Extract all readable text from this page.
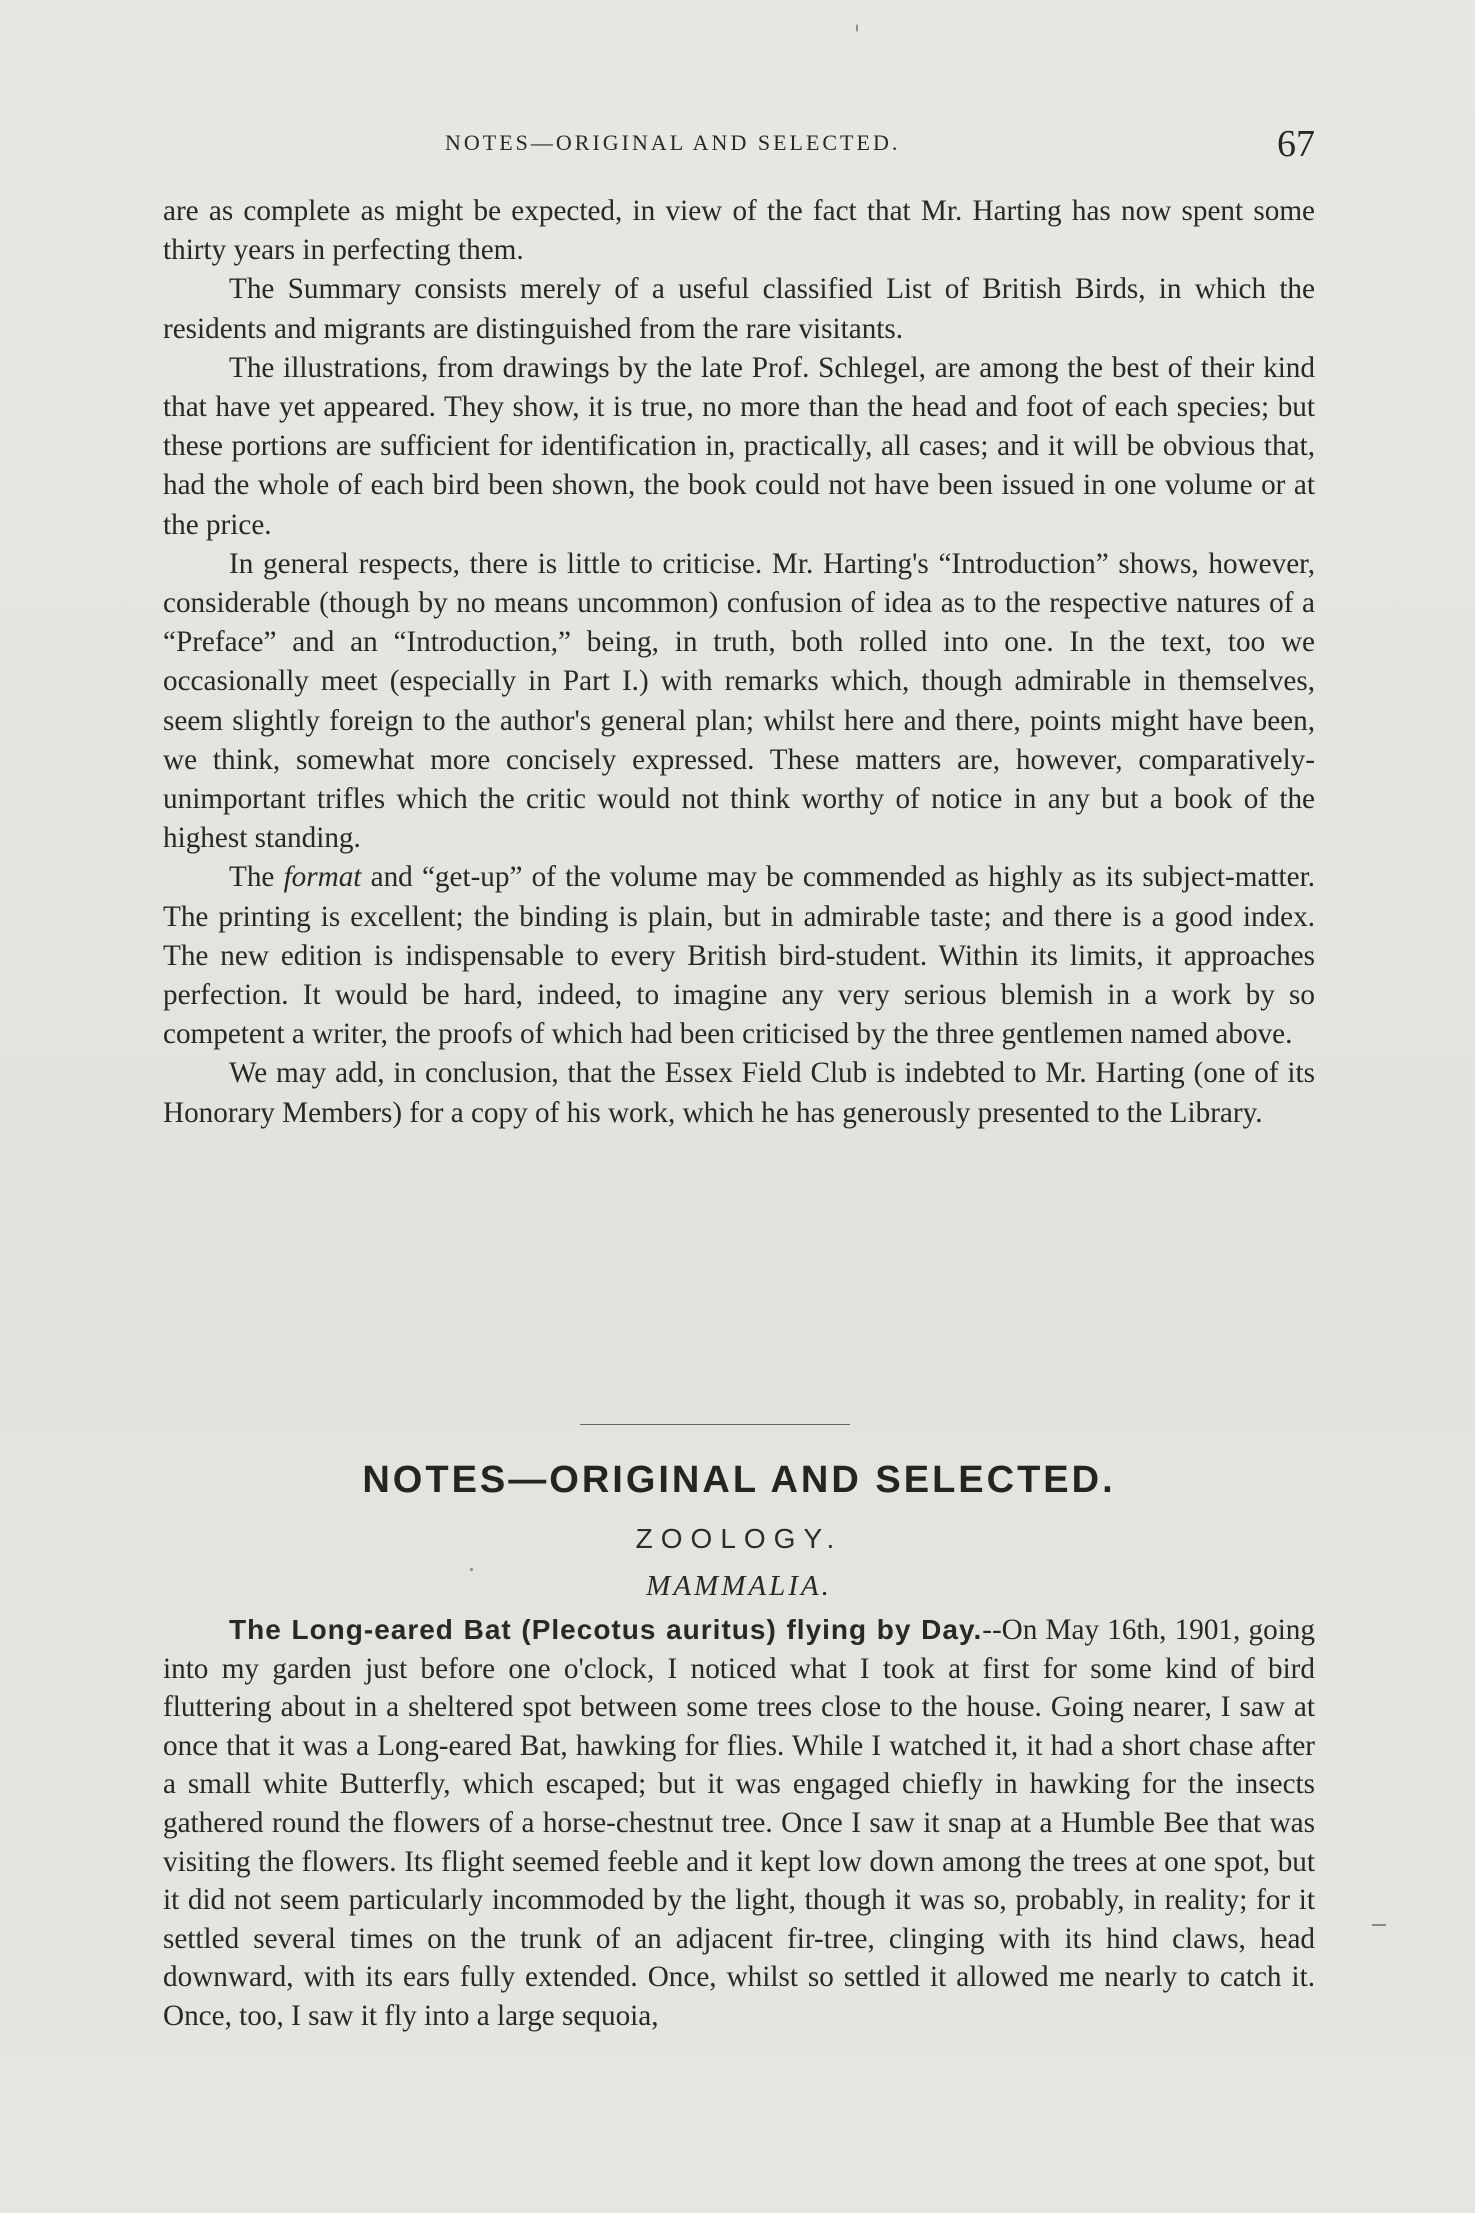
NOTES—ORIGINAL AND SELECTED.	67

are as complete as might be expected, in view of the fact that Mr. Harting has now spent some thirty years in perfecting them.

The Summary consists merely of a useful classified List of British Birds, in which the residents and migrants are distinguished from the rare visitants.

The illustrations, from drawings by the late Prof. Schlegel, are among the best of their kind that have yet appeared. They show, it is true, no more than the head and foot of each species; but these portions are sufficient for identification in, practically, all cases; and it will be obvious that, had the whole of each bird been shown, the book could not have been issued in one volume or at the price.

In general respects, there is little to criticise. Mr. Harting's “Introduction” shows, however, considerable (though by no means uncommon) confusion of idea as to the respective natures of a “Preface” and an “Introduction,” being, in truth, both rolled into one. In the text, too we occasionally meet (especially in Part I.) with remarks which, though admirable in themselves, seem slightly foreign to the author's general plan; whilst here and there, points might have been, we think, somewhat more concisely expressed. These matters are, however, comparatively-unimportant trifles which the critic would not think worthy of notice in any but a book of the highest standing.

The format and “get-up” of the volume may be commended as highly as its subject-matter. The printing is excellent; the binding is plain, but in admirable taste; and there is a good index. The new edition is indispensable to every British bird-student. Within its limits, it approaches perfection. It would be hard, indeed, to imagine any very serious blemish in a work by so competent a writer, the proofs of which had been criticised by the three gentlemen named above.

We may add, in conclusion, that the Essex Field Club is indebted to Mr. Harting (one of its Honorary Members) for a copy of his work, which he has generously presented to the Library.

NOTES—ORIGINAL AND SELECTED.
ZOOLOGY.
MAMMALIA.

The Long-eared Bat (Plecotus auritus) flying by Day.--On May 16th, 1901, going into my garden just before one o'clock, I noticed what I took at first for some kind of bird fluttering about in a sheltered spot between some trees close to the house. Going nearer, I saw at once that it was a Long-eared Bat, hawking for flies. While I watched it, it had a short chase after a small white Butterfly, which escaped; but it was engaged chiefly in hawking for the insects gathered round the flowers of a horse-chestnut tree. Once I saw it snap at a Humble Bee that was visiting the flowers. Its flight seemed feeble and it kept low down among the trees at one spot, but it did not seem particularly incommoded by the light, though it was so, probably, in reality; for it settled several times on the trunk of an adjacent fir-tree, clinging with its hind claws, head downward, with its ears fully extended. Once, whilst so settled it allowed me nearly to catch it. Once, too, I saw it fly into a large sequoia,
